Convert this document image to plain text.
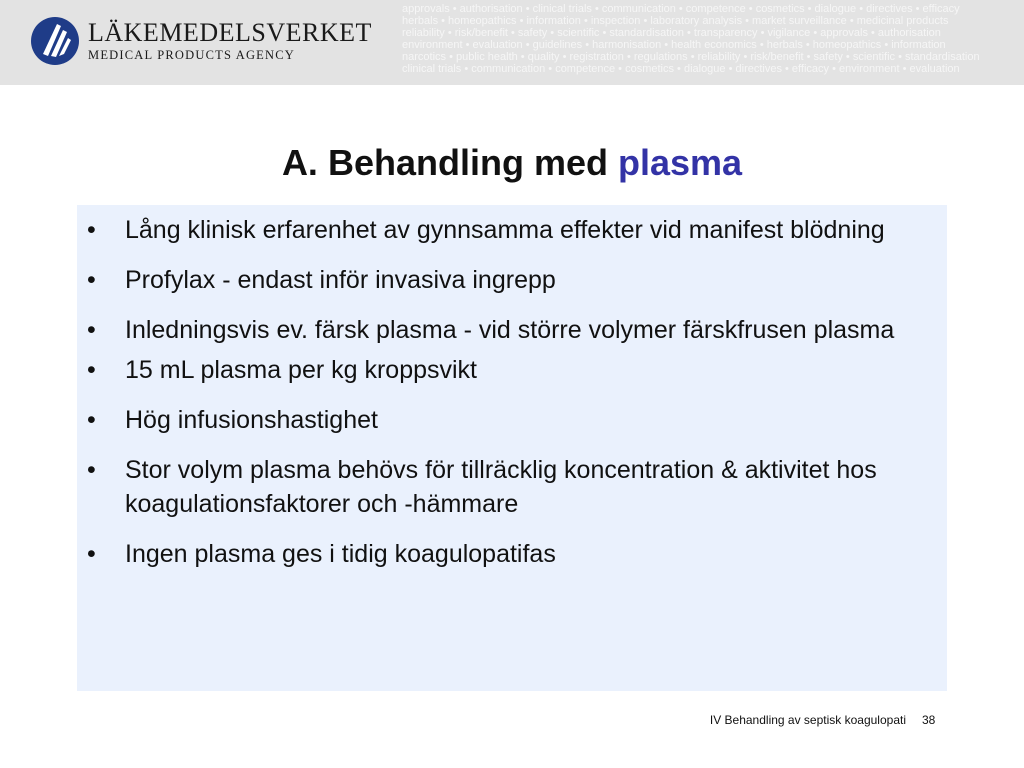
LÄKEMEDELSVERKET
MEDICAL PRODUCTS AGENCY
approvals • authorisation • clinical trials • communication • competence • cosmetics • dialogue • directives • efficacy
herbals • homeopathics • information • inspection • laboratory analysis • market surveillance • medicinal products
reliability • risk/benefit • safety • scientific • standardisation • transparency • vigilance • approvals • authorisation
environment • evaluation • guidelines • harmonisation • health economics • herbals • homeopathics • information
narcotics • public health • quality • registration • regulations • reliability • risk/benefit • safety • scientific • standardisation
clinical trials • communication • competence • cosmetics • dialogue • directives • efficacy • environment • evaluation
A. Behandling med plasma
• Lång klinisk erfarenhet av gynnsamma effekter vid manifest blödning
• Profylax - endast inför invasiva ingrepp
• Inledningsvis ev. färsk plasma - vid större volymer färskfrusen plasma
• 15 mL plasma per kg kroppsvikt
• Hög infusionshastighet
• Stor volym plasma behövs för tillräcklig koncentration & aktivitet hos koagulationsfaktorer och -hämmare
• Ingen plasma ges i tidig koagulopatifas
IV Behandling av septisk koagulopati 38
